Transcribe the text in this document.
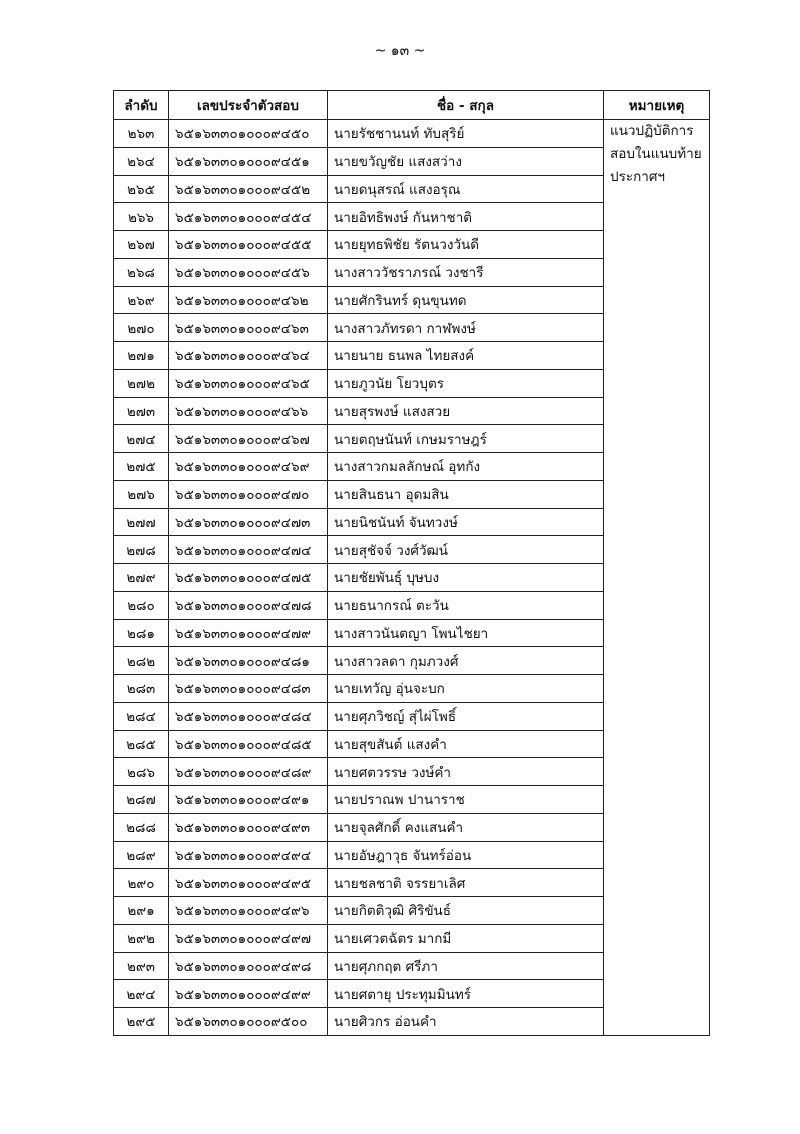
~ ๑๓ ~
ลำดับ	เลขประจำตัวสอบ	ชื่อ - สกุล	หมายเหตุ
๒๖๓	๖๕๑๖๓๓๐๑๐๐๐๙๔๕๐	นายรัชชานนท์ ทับสุริย์	แนวปฏิบัติการ
สอบในแนบท้าย
ประกาศฯ

๒๖๔	๖๕๑๖๓๓๐๑๐๐๐๙๔๕๑	นายขวัญชัย แสงสว่าง	
๒๖๕	๖๕๑๖๓๓๐๑๐๐๐๙๔๕๒	นายดนุสรณ์ แสงอรุณ	
๒๖๖	๖๕๑๖๓๓๐๑๐๐๐๙๔๕๔	นายอิทธิพงษ์ กันหาชาติ	
๒๖๗	๖๕๑๖๓๓๐๑๐๐๐๙๔๕๕	นายยุทธพิชัย รัตนวงวันดี	
๒๖๘	๖๕๑๖๓๓๐๑๐๐๐๙๔๕๖	นางสาววัชราภรณ์ วงชารี	
๒๖๙	๖๕๑๖๓๓๐๑๐๐๐๙๔๖๒	นายศักรินทร์ ดุนขุนทด	
๒๗๐	๖๕๑๖๓๓๐๑๐๐๐๙๔๖๓	นางสาวภัทรดา กาฬพงษ์	
๒๗๑	๖๕๑๖๓๓๐๑๐๐๐๙๔๖๔	นายนาย ธนพล ไทยสงค์	
๒๗๒	๖๕๑๖๓๓๐๑๐๐๐๙๔๖๕	นายภูวนัย โยวบุตร	
๒๗๓	๖๕๑๖๓๓๐๑๐๐๐๙๔๖๖	นายสุรพงษ์ แสงสวย	
๒๗๔	๖๕๑๖๓๓๐๑๐๐๐๙๔๖๗	นายตฤษนันท์ เกษมราษฎร์	
๒๗๕	๖๕๑๖๓๓๐๑๐๐๐๙๔๖๙	นางสาวกมลลักษณ์ อุทกัง	
๒๗๖	๖๕๑๖๓๓๐๑๐๐๐๙๔๗๐	นายสินธนา อุดมสิน	
๒๗๗	๖๕๑๖๓๓๐๑๐๐๐๙๔๗๓	นายนิชนันท์ จันทวงษ์	
๒๗๘	๖๕๑๖๓๓๐๑๐๐๐๙๔๗๔	นายสุชัจจ์ วงศ์วัฒน์	
๒๗๙	๖๕๑๖๓๓๐๑๐๐๐๙๔๗๕	นายชัยพันธุ์ บุษบง	
๒๘๐	๖๕๑๖๓๓๐๑๐๐๐๙๔๗๘	นายธนากรณ์ ตะวัน	
๒๘๑	๖๕๑๖๓๓๐๑๐๐๐๙๔๗๙	นางสาวนันตญา โพนไชยา	
๒๘๒	๖๕๑๖๓๓๐๑๐๐๐๙๔๘๑	นางสาวลดา กุมภวงศ์	
๒๘๓	๖๕๑๖๓๓๐๑๐๐๐๙๔๘๓	นายเทวัญ อุ่นจะบก	
๒๘๔	๖๕๑๖๓๓๐๑๐๐๐๙๔๘๔	นายศุภวิชญ์ สุ่ไผ่โพธิ์	
๒๘๕	๖๕๑๖๓๓๐๑๐๐๐๙๔๘๕	นายสุขสันต์ แสงคำ	
๒๘๖	๖๕๑๖๓๓๐๑๐๐๐๙๔๘๙	นายศตวรรษ วงษ์คำ	
๒๘๗	๖๕๑๖๓๓๐๑๐๐๐๙๔๙๑	นายปราณพ ปานาราช	
๒๘๘	๖๕๑๖๓๓๐๑๐๐๐๙๔๙๓	นายจุลศักดิ์ คงแสนคำ	
๒๘๙	๖๕๑๖๓๓๐๑๐๐๐๙๔๙๔	นายอัษฎาวุธ จันทร์อ่อน	
๒๙๐	๖๕๑๖๓๓๐๑๐๐๐๙๔๙๕	นายชลชาติ จรรยาเลิศ	
๒๙๑	๖๕๑๖๓๓๐๑๐๐๐๙๔๙๖	นายกิตติวุฒิ ศิริขันธ์	
๒๙๒	๖๕๑๖๓๓๐๑๐๐๐๙๔๙๗	นายเศวตฉัตร มากมี	
๒๙๓	๖๕๑๖๓๓๐๑๐๐๐๙๔๙๘	นายศุภกฤต ศรีภา	
๒๙๔	๖๕๑๖๓๓๐๑๐๐๐๙๔๙๙	นายศตายุ ประทุมมินทร์	
๒๙๕	๖๕๑๖๓๓๐๑๐๐๐๙๕๐๐	นายศิวกร อ่อนคำ	
